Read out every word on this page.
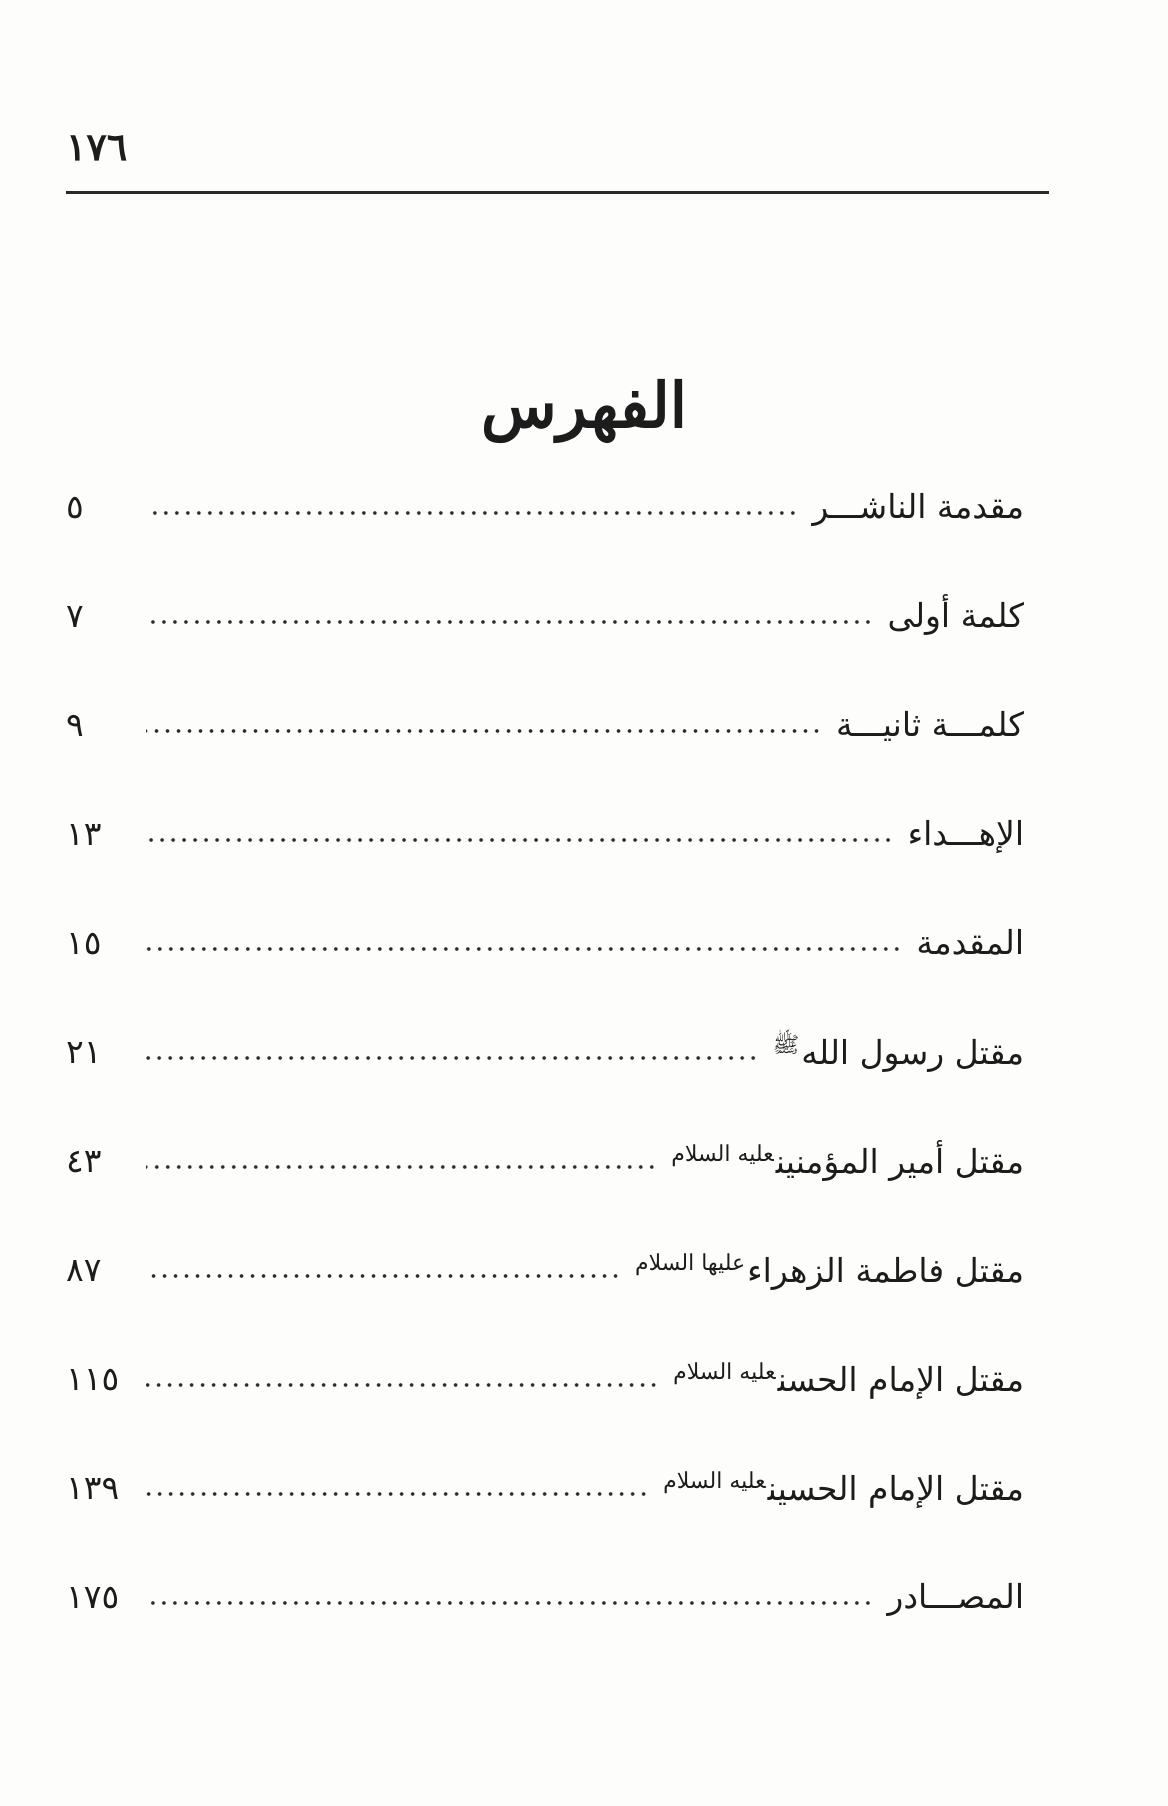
١٧٦
الفهرس
مقدمة الناشـــر
٥
كلمة أولى
٧
كلمـــة ثانيـــة
٩
الإهـــداء
١٣
المقدمة
١٥
مقتل رسول الله$^ﷺ$
٢١
مقتل أمير المؤمنين$^{عليه السلام}$
٤٣
مقتل فاطمة الزهراء$^{عليها السلام}$
٨٧
مقتل الإمام الحسن$^{عليه السلام}$
١١٥
مقتل الإمام الحسين$^{عليه السلام}$
١٣٩
المصـــادر
١٧٥
